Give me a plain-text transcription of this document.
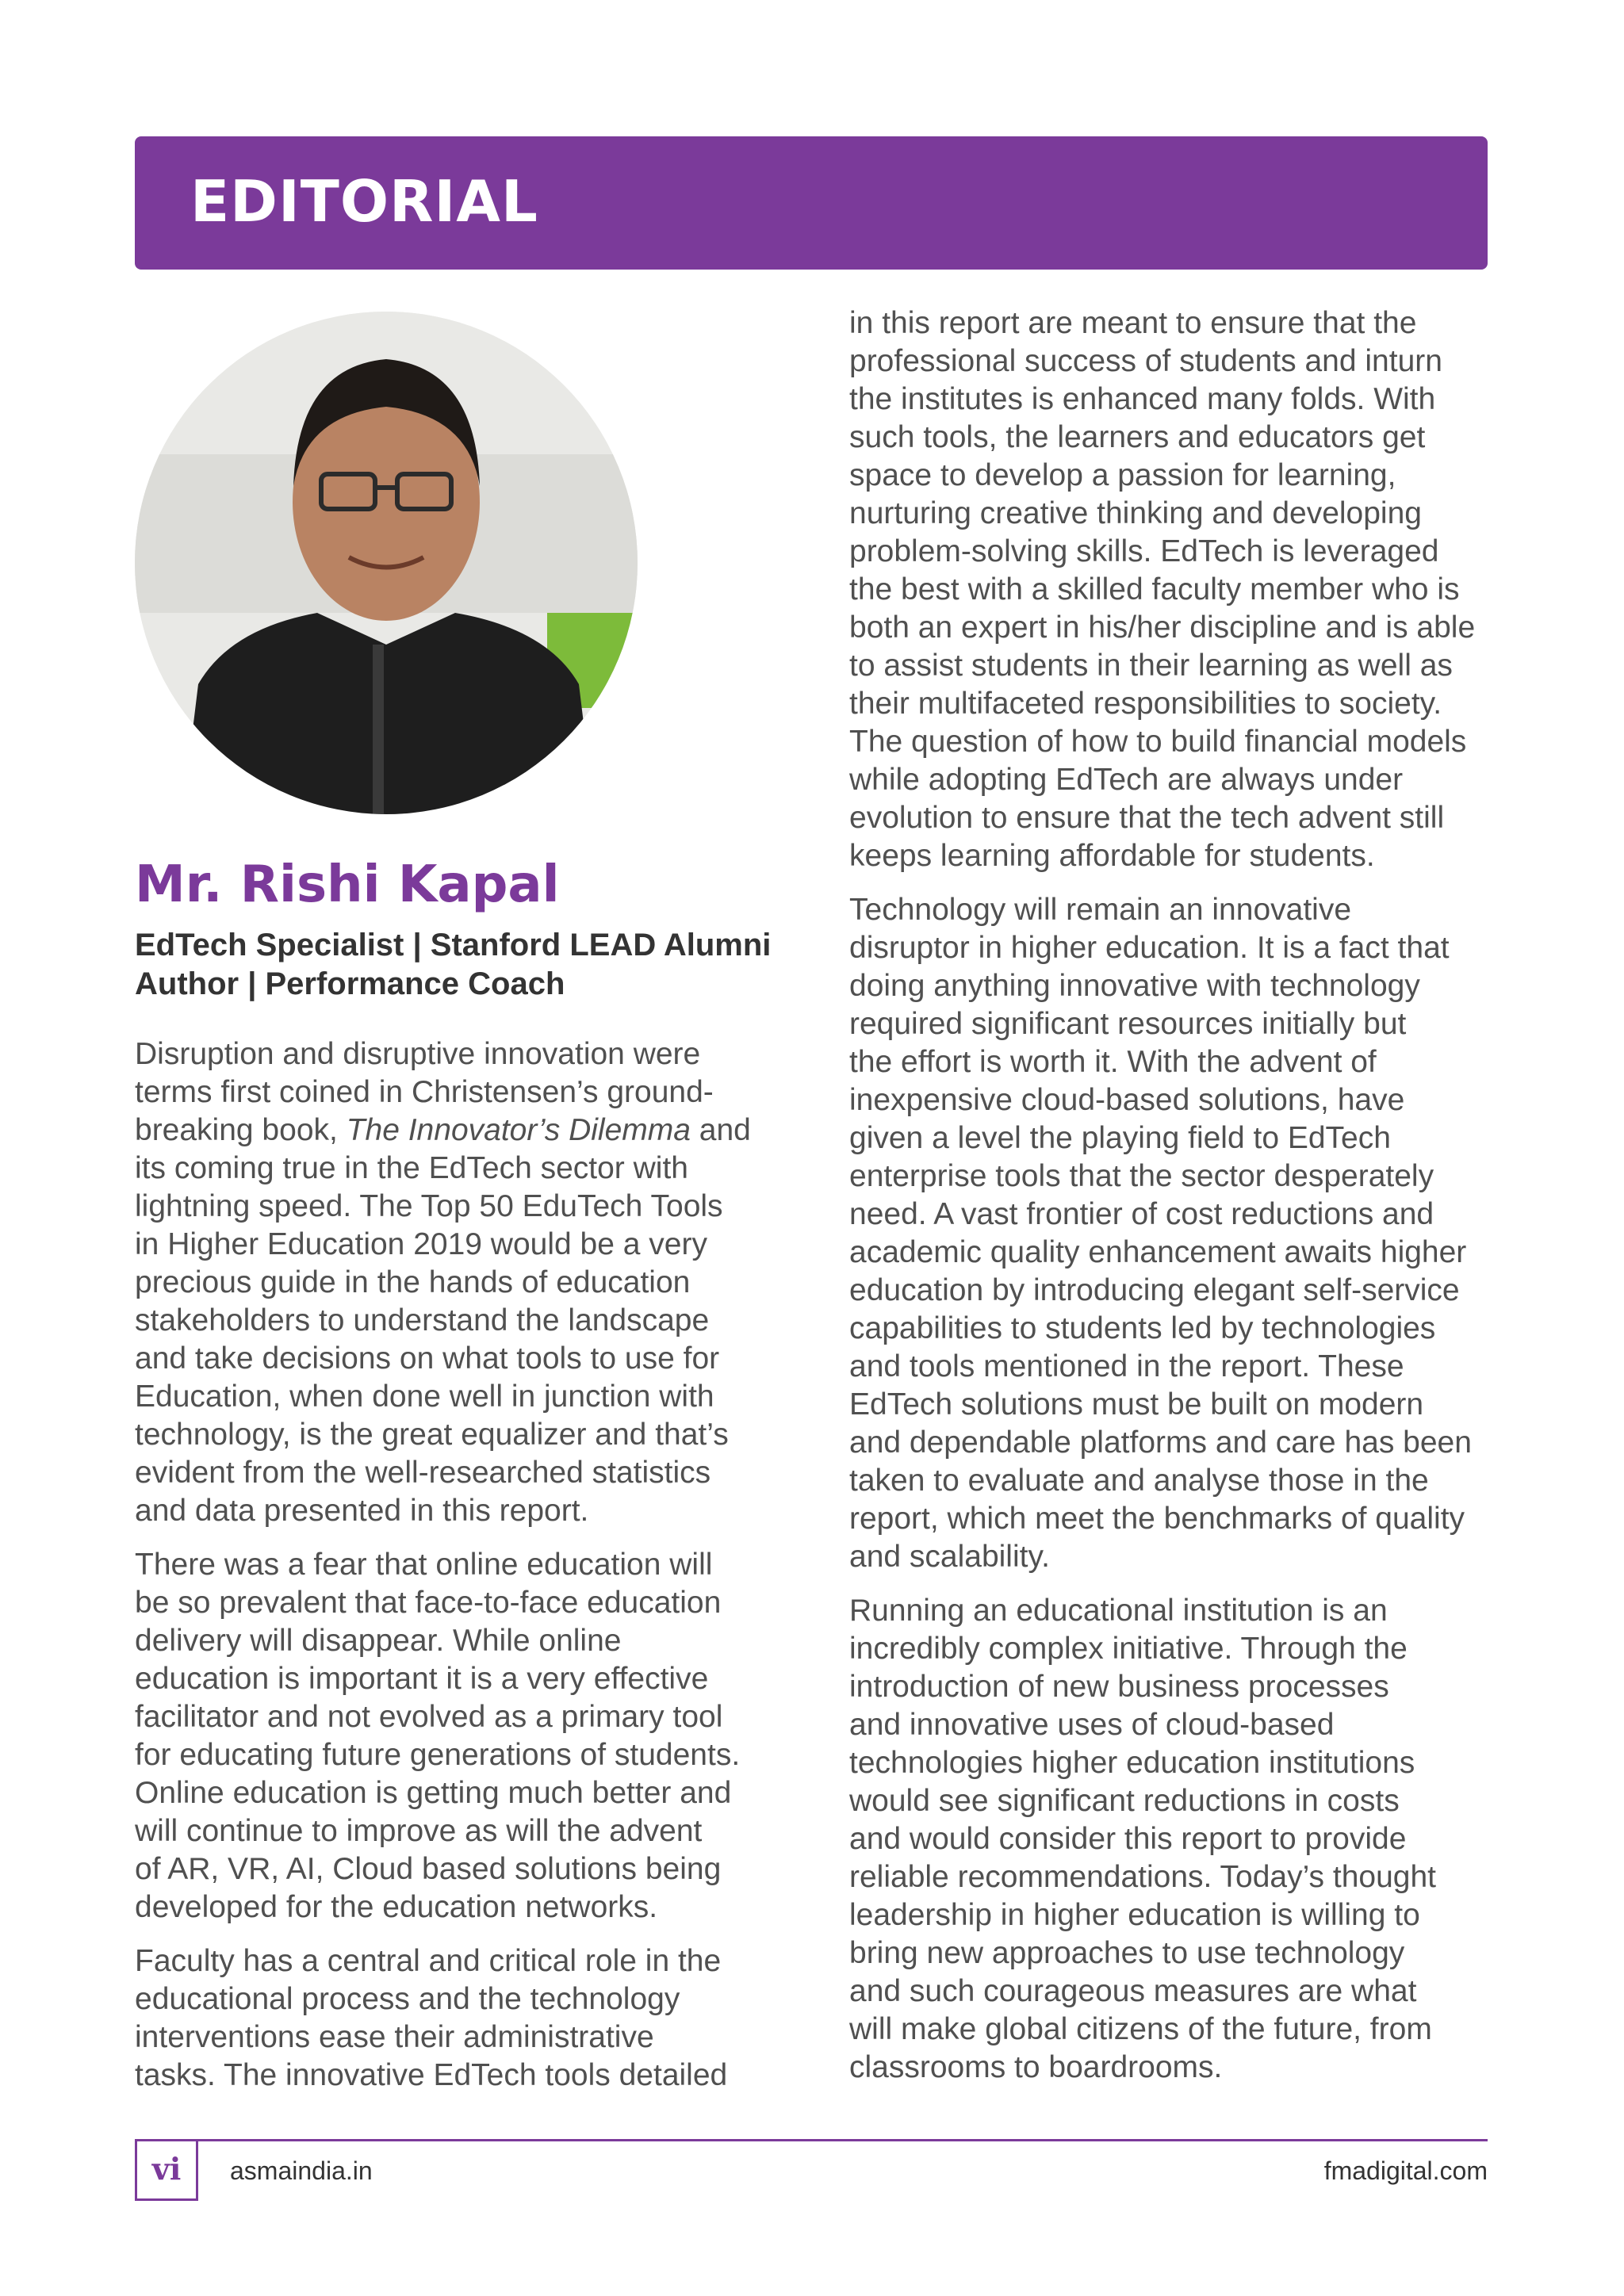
EDITORIAL
Mr. Rishi Kapal
EdTech Specialist | Stanford LEAD Alumni
Author | Performance Coach

Disruption and disruptive innovation were
terms first coined in Christensen’s ground-
breaking book, The Innovator’s Dilemma and
its coming true in the EdTech sector with
lightning speed. The Top 50 EduTech Tools
in Higher Education 2019 would be a very
precious guide in the hands of education
stakeholders to understand the landscape
and take decisions on what tools to use for
Education, when done well in junction with
technology, is the great equalizer and that’s
evident from the well-researched statistics
and data presented in this report.

There was a fear that online education will
be so prevalent that face-to-face education
delivery will disappear. While online
education is important it is a very effective
facilitator and not evolved as a primary tool
for educating future generations of students.
Online education is getting much better and
will continue to improve as will the advent
of AR, VR, AI, Cloud based solutions being
developed for the education networks.

Faculty has a central and critical role in the
educational process and the technology
interventions ease their administrative
tasks. The innovative EdTech tools detailed

in this report are meant to ensure that the
professional success of students and inturn
the institutes is enhanced many folds. With
such tools, the learners and educators get
space to develop a passion for learning,
nurturing creative thinking and developing
problem-solving skills. EdTech is leveraged
the best with a skilled faculty member who is
both an expert in his/her discipline and is able
to assist students in their learning as well as
their multifaceted responsibilities to society.
The question of how to build financial models
while adopting EdTech are always under
evolution to ensure that the tech advent still
keeps learning affordable for students.

Technology will remain an innovative
disruptor in higher education. It is a fact that
doing anything innovative with technology
required significant resources initially but
the effort is worth it. With the advent of
inexpensive cloud-based solutions, have
given a level the playing field to EdTech
enterprise tools that the sector desperately
need. A vast frontier of cost reductions and
academic quality enhancement awaits higher
education by introducing elegant self-service
capabilities to students led by technologies
and tools mentioned in the report. These
EdTech solutions must be built on modern
and dependable platforms and care has been
taken to evaluate and analyse those in the
report, which meet the benchmarks of quality
and scalability.

Running an educational institution is an
incredibly complex initiative. Through the
introduction of new business processes
and innovative uses of cloud-based
technologies higher education institutions
would see significant reductions in costs
and would consider this report to provide
reliable recommendations. Today’s thought
leadership in higher education is willing to
bring new approaches to use technology
and such courageous measures are what
will make global citizens of the future, from
classrooms to boardrooms.

vi	asmaindia.in	fmadigital.com
